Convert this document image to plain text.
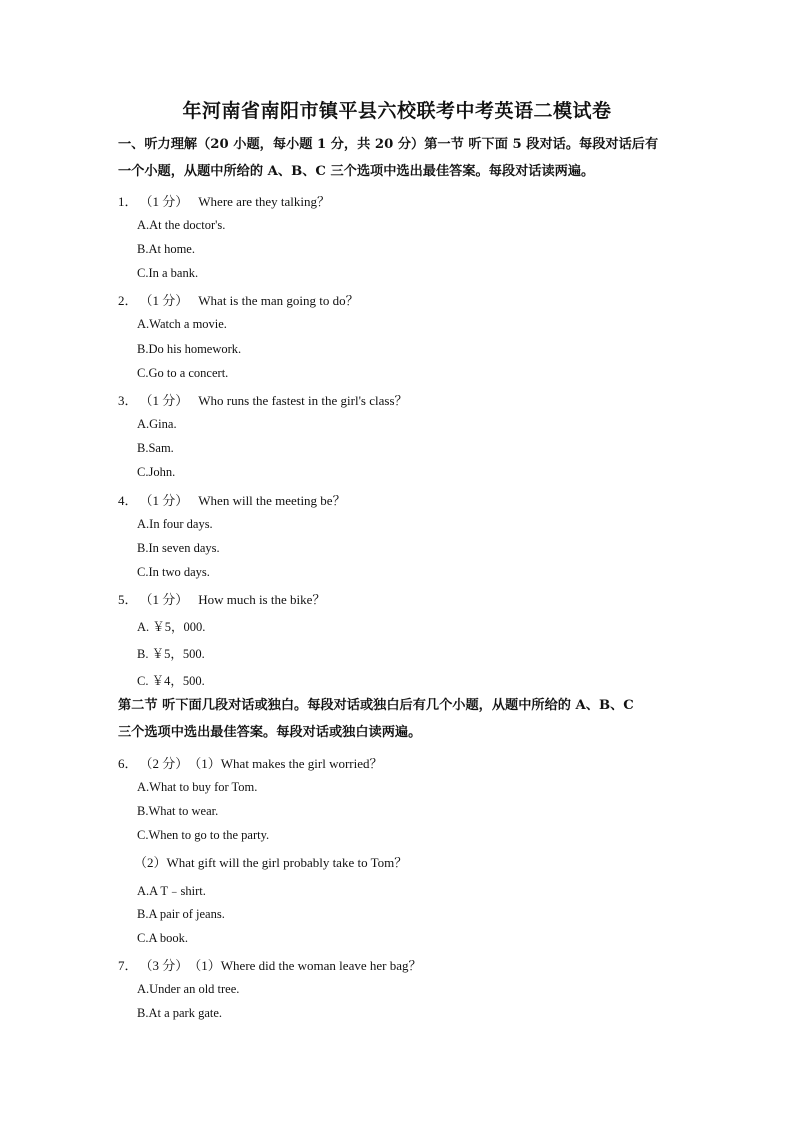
年河南省南阳市镇平县六校联考中考英语二模试卷
一、听力理解（20 小题，每小题 1 分，共 20 分）第一节 听下面 5 段对话。每段对话后有
一个小题，从题中所给的 A、B、C 三个选项中选出最佳答案。每段对话读两遍。
1． （1 分） Where are they talking？
A.At the doctor's.
B.At home.
C.In a bank.
2． （1 分） What is the man going to do？
A.Watch a movie.
B.Do his homework.
C.Go to a concert.
3． （1 分） Who runs the fastest in the girl's class？
A.Gina.
B.Sam.
C.John.
4． （1 分） When will the meeting be？
A.In four days.
B.In seven days.
C.In two days.
5． （1 分） How much is the bike？
A. ￥5，000.
B. ￥5，500.
C. ￥4，500.
第二节 听下面几段对话或独白。每段对话或独白后有几个小题，从题中所给的 A、B、C
三个选项中选出最佳答案。每段对话或独白读两遍。
6． （2 分）（1）What makes the girl worried？
A.What to buy for Tom.
B.What to wear.
C.When to go to the party.
（2）What gift will the girl probably take to Tom？
A.A T﹣shirt.
B.A pair of jeans.
C.A book.
7． （3 分）（1）Where did the woman leave her bag？
A.Under an old tree.
B.At a park gate.
